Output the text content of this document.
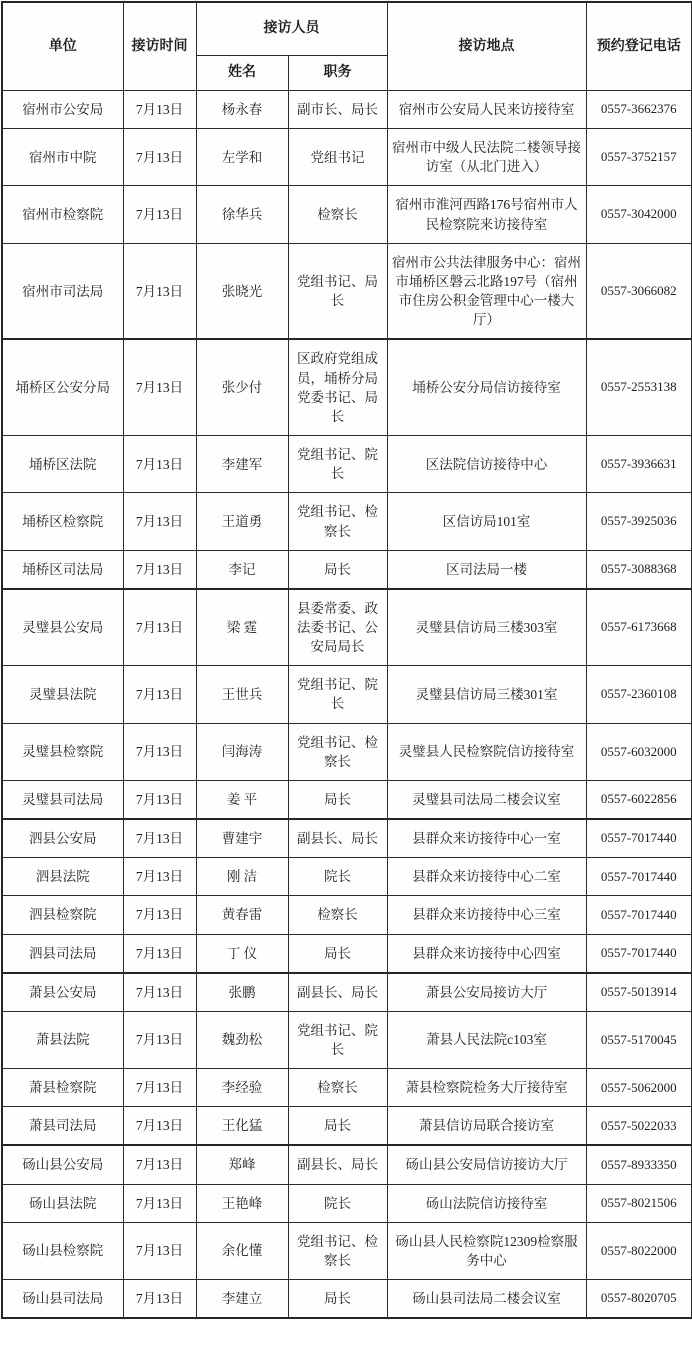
单位	接访时间	接访人员		接访地点	预约登记电话
		姓名	职务		
宿州市公安局	7月13日	杨永春	副市长、局长	宿州市公安局人民来访接待室	0557-3662376
宿州市中院	7月13日	左学和	党组书记	宿州市中级人民法院二楼领导接访室（从北门进入）	0557-3752157
宿州市检察院	7月13日	徐华兵	检察长	宿州市淮河西路176号宿州市人民检察院来访接待室	0557-3042000
宿州市司法局	7月13日	张晓光	党组书记、局长	宿州市公共法律服务中心：宿州市埇桥区磐云北路197号（宿州市住房公积金管理中心一楼大厅）	0557-3066082
埇桥区公安分局	7月13日	张少付	区政府党组成员，埇桥分局党委书记、局长	埇桥公安分局信访接待室	0557-2553138
埇桥区法院	7月13日	李建军	党组书记、院长	区法院信访接待中心	0557-3936631
埇桥区检察院	7月13日	王道勇	党组书记、检察长	区信访局101室	0557-3925036
埇桥区司法局	7月13日	李记	局长	区司法局一楼	0557-3088368
灵璧县公安局	7月13日	梁 霆	县委常委、政法委书记、公安局局长	灵璧县信访局三楼303室	0557-6173668
灵璧县法院	7月13日	王世兵	党组书记、院长	灵璧县信访局三楼301室	0557-2360108
灵璧县检察院	7月13日	闫海涛	党组书记、检察长	灵璧县人民检察院信访接待室	0557-6032000
灵璧县司法局	7月13日	姜 平	局长	灵璧县司法局二楼会议室	0557-6022856
泗县公安局	7月13日	曹建宇	副县长、局长	县群众来访接待中心一室	0557-7017440
泗县法院	7月13日	刚 洁	院长	县群众来访接待中心二室	0557-7017440
泗县检察院	7月13日	黄春雷	检察长	县群众来访接待中心三室	0557-7017440
泗县司法局	7月13日	丁 仪	局长	县群众来访接待中心四室	0557-7017440
萧县公安局	7月13日	张鹏	副县长、局长	萧县公安局接访大厅	0557-5013914
萧县法院	7月13日	魏劲松	党组书记、院长	萧县人民法院c103室	0557-5170045
萧县检察院	7月13日	李经验	检察长	萧县检察院检务大厅接待室	0557-5062000
萧县司法局	7月13日	王化猛	局长	萧县信访局联合接访室	0557-5022033
砀山县公安局	7月13日	郑峰	副县长、局长	砀山县公安局信访接访大厅	0557-8933350
砀山县法院	7月13日	王艳峰	院长	砀山法院信访接待室	0557-8021506
砀山县检察院	7月13日	余化懂	党组书记、检察长	砀山县人民检察院12309检察服务中心	0557-8022000
砀山县司法局	7月13日	李建立	局长	砀山县司法局二楼会议室	0557-8020705
